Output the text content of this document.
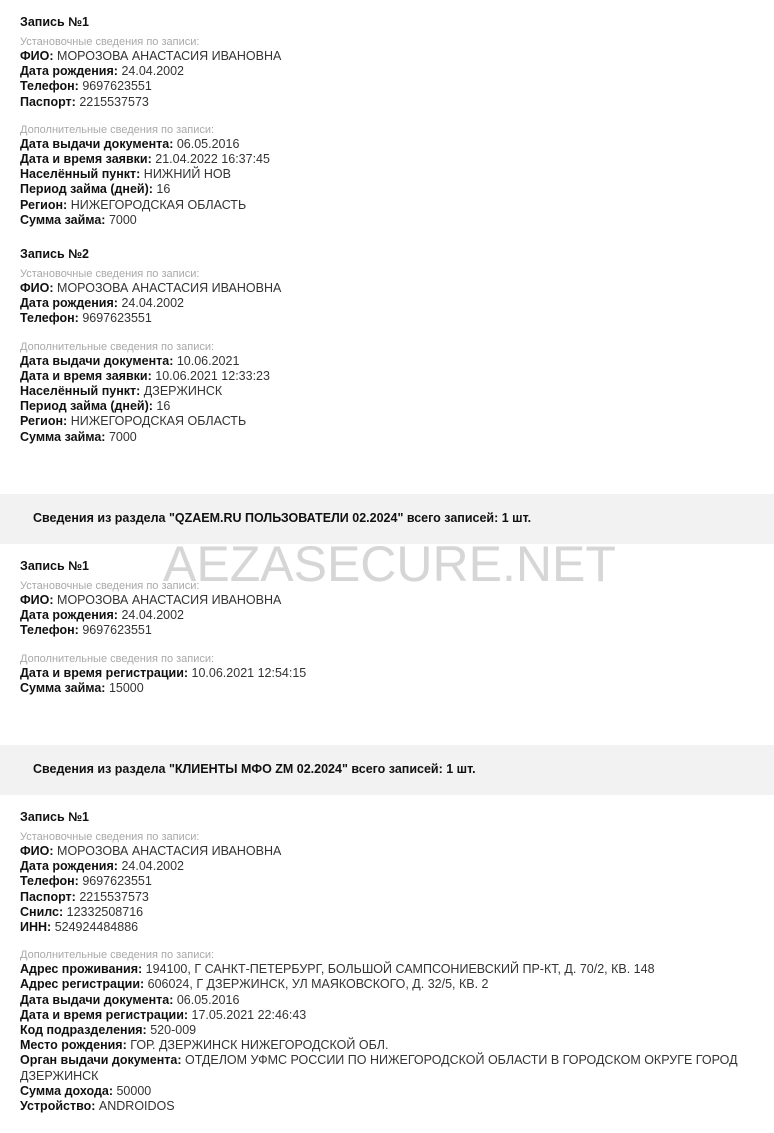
Запись №1
Установочные сведения по записи:
ФИО: МОРОЗОВА АНАСТАСИЯ ИВАНОВНА
Дата рождения: 24.04.2002
Телефон: 9697623551
Паспорт: 2215537573
Дополнительные сведения по записи:
Дата выдачи документа: 06.05.2016
Дата и время заявки: 21.04.2022 16:37:45
Населённый пункт: НИЖНИЙ НОВ
Период займа (дней): 16
Регион: НИЖЕГОРОДСКАЯ ОБЛАСТЬ
Сумма займа: 7000
Запись №2
Установочные сведения по записи:
ФИО: МОРОЗОВА АНАСТАСИЯ ИВАНОВНА
Дата рождения: 24.04.2002
Телефон: 9697623551
Дополнительные сведения по записи:
Дата выдачи документа: 10.06.2021
Дата и время заявки: 10.06.2021 12:33:23
Населённый пункт: ДЗЕРЖИНСК
Период займа (дней): 16
Регион: НИЖЕГОРОДСКАЯ ОБЛАСТЬ
Сумма займа: 7000
Сведения из раздела "QZAEM.RU ПОЛЬЗОВАТЕЛИ 02.2024" всего записей: 1 шт.
Запись №1
Установочные сведения по записи:
ФИО: МОРОЗОВА АНАСТАСИЯ ИВАНОВНА
Дата рождения: 24.04.2002
Телефон: 9697623551
Дополнительные сведения по записи:
Дата и время регистрации: 10.06.2021 12:54:15
Сумма займа: 15000
AEZASECURE.NET
Сведения из раздела "КЛИЕНТЫ МФО ZM 02.2024" всего записей: 1 шт.
Запись №1
Установочные сведения по записи:
ФИО: МОРОЗОВА АНАСТАСИЯ ИВАНОВНА
Дата рождения: 24.04.2002
Телефон: 9697623551
Паспорт: 2215537573
Снилс: 12332508716
ИНН: 524924484886
Дополнительные сведения по записи:
Адрес проживания: 194100, Г САНКТ-ПЕТЕРБУРГ, БОЛЬШОЙ САМПСОНИЕВСКИЙ ПР-КТ, Д. 70/2, КВ. 148
Адрес регистрации: 606024, Г ДЗЕРЖИНСК, УЛ МАЯКОВСКОГО, Д. 32/5, КВ. 2
Дата выдачи документа: 06.05.2016
Дата и время регистрации: 17.05.2021 22:46:43
Код подразделения: 520-009
Место рождения: ГОР. ДЗЕРЖИНСК НИЖЕГОРОДСКОЙ ОБЛ.
Орган выдачи документа: ОТДЕЛОМ УФМС РОССИИ ПО НИЖЕГОРОДСКОЙ ОБЛАСТИ В ГОРОДСКОМ ОКРУГЕ ГОРОД ДЗЕРЖИНСК
Сумма дохода: 50000
Устройство: ANDROIDOS
